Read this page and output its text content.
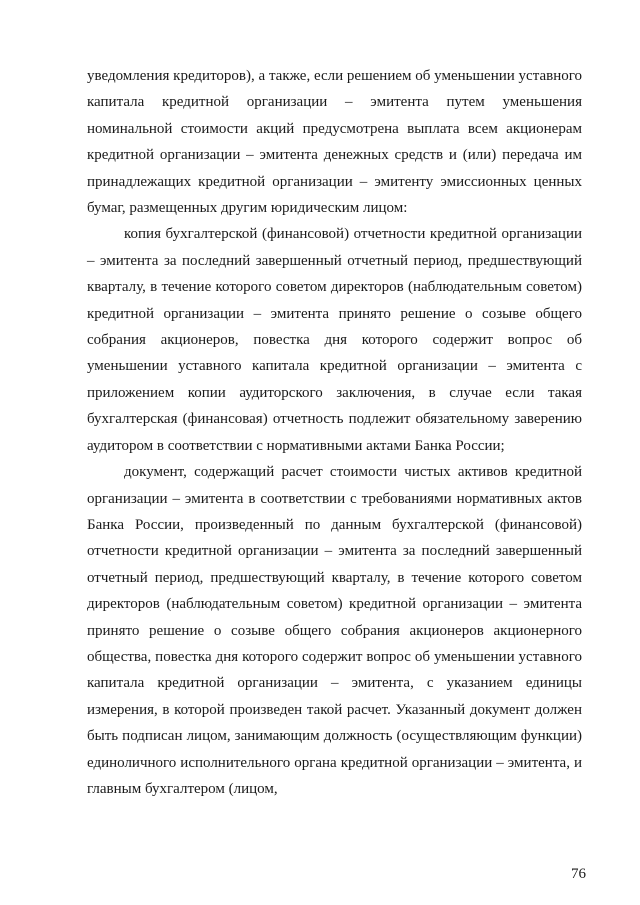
уведомления кредиторов), а также, если решением об уменьшении уставного капитала кредитной организации – эмитента путем уменьшения номинальной стоимости акций предусмотрена выплата всем акционерам кредитной организации – эмитента денежных средств и (или) передача им принадлежащих кредитной организации – эмитенту эмиссионных ценных бумаг, размещенных другим юридическим лицом:

копия бухгалтерской (финансовой) отчетности кредитной организации – эмитента за последний завершенный отчетный период, предшествующий кварталу, в течение которого советом директоров (наблюдательным советом) кредитной организации – эмитента принято решение о созыве общего собрания акционеров, повестка дня которого содержит вопрос об уменьшении уставного капитала кредитной организации – эмитента с приложением копии аудиторского заключения, в случае если такая бухгалтерская (финансовая) отчетность подлежит обязательному заверению аудитором в соответствии с нормативными актами Банка России;

документ, содержащий расчет стоимости чистых активов кредитной организации – эмитента в соответствии с требованиями нормативных актов Банка России, произведенный по данным бухгалтерской (финансовой) отчетности кредитной организации – эмитента за последний завершенный отчетный период, предшествующий кварталу, в течение которого советом директоров (наблюдательным советом) кредитной организации – эмитента принято решение о созыве общего собрания акционеров акционерного общества, повестка дня которого содержит вопрос об уменьшении уставного капитала кредитной организации – эмитента, с указанием единицы измерения, в которой произведен такой расчет. Указанный документ должен быть подписан лицом, занимающим должность (осуществляющим функции) единоличного исполнительного органа кредитной организации – эмитента, и главным бухгалтером (лицом,

76
